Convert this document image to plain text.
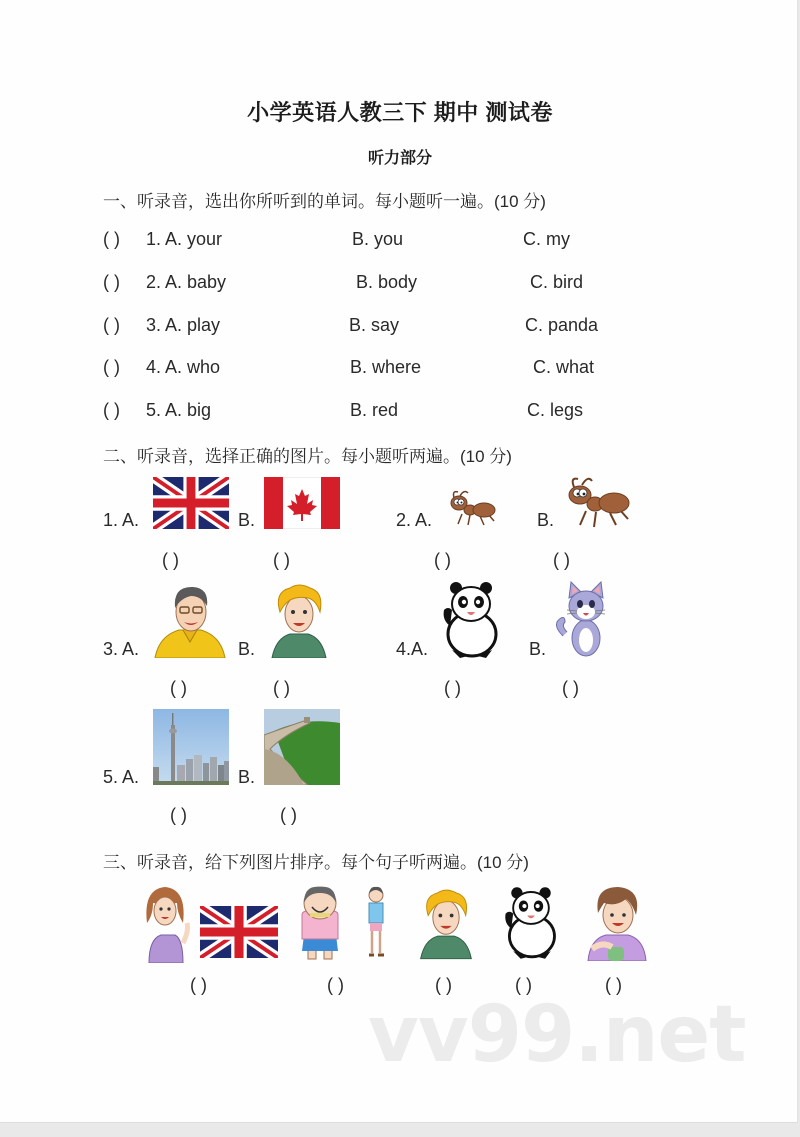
小学英语人教三下 期中 测试卷
听力部分
一、听录音，选出你所听到的单词。每小题听一遍。(10 分)
( ) 1. A. your	B. you	C. my
( ) 2. A. baby	B. body	C. bird
( ) 3. A. play	B. say	C. panda
( ) 4. A. who	B. where	C. what
( ) 5. A. big	B. red	C. legs
二、听录音，选择正确的图片。每小题听两遍。(10 分)
1. A.	B.
( )	( )
2. A.	B.
( )	( )
3. A.	B.
( )	( )
4.A.	B.
( )	( )
5. A.	B.
( )	( )
三、听录音，给下列图片排序。每个句子听两遍。(10 分)
( )	( )	( )	( )	( )
vv99.net
